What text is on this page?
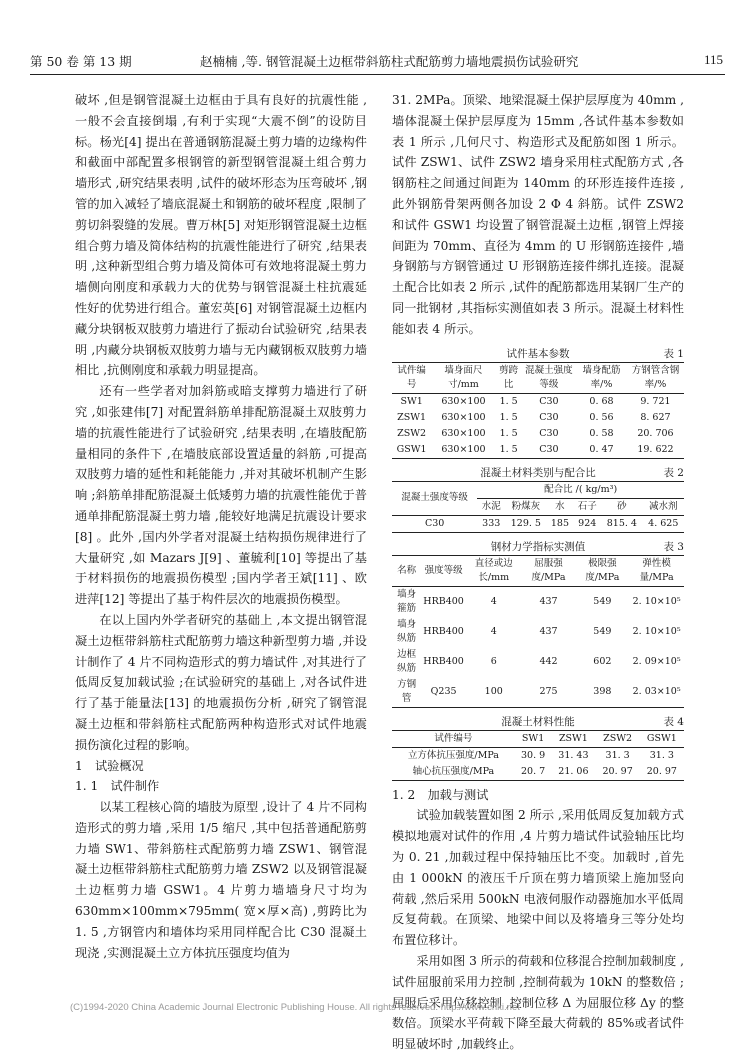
第 50 卷 第 13 期	赵楠楠 ,等. 钢管混凝土边框带斜筋柱式配筋剪力墙地震损伤试验研究	115

破坏 ,但是钢管混凝土边框由于具有良好的抗震性能 ,一般不会直接倒塌 ,有利于实现“大震不倒”的设防目标。杨光[4] 提出在普通钢筋混凝土剪力墙的边缘构件和截面中部配置多根钢管的新型钢管混凝土组合剪力墙形式 ,研究结果表明 ,试件的破坏形态为压弯破坏 ,钢管的加入减轻了墙底混凝土和钢筋的破坏程度 ,限制了剪切斜裂缝的发展。曹万林[5] 对矩形钢管混凝土边框组合剪力墙及简体结构的抗震性能进行了研究 ,结果表明 ,这种新型组合剪力墙及简体可有效地将混凝土剪力墙侧向刚度和承载力大的优势与钢管混凝土柱抗震延性好的优势进行组合。董宏英[6] 对钢管混凝土边框内藏分块钢板双肢剪力墙进行了振动台试验研究 ,结果表明 ,内藏分块钢板双肢剪力墙与无内藏钢板双肢剪力墙相比 ,抗侧刚度和承载力明显提高。

还有一些学者对加斜筋或暗支撑剪力墙进行了研究 ,如张建伟[7] 对配置斜筋单排配筋混凝土双肢剪力墙的抗震性能进行了试验研究 ,结果表明 ,在墙肢配筋量相同的条件下 ,在墙肢底部设置适量的斜筋 ,可提高双肢剪力墙的延性和耗能能力 ,并对其破坏机制产生影响 ;斜筋单排配筋混凝土低矮剪力墙的抗震性能优于普通单排配筋混凝土剪力墙 ,能较好地满足抗震设计要求[8] 。此外 ,国内外学者对混凝土结构损伤规律进行了大量研究 ,如 Mazars J[9] 、董毓利[10] 等提出了基于材料损伤的地震损伤模型 ;国内学者王斌[11] 、欧进萍[12] 等提出了基于构件层次的地震损伤模型。

在以上国内外学者研究的基础上 ,本文提出钢管混凝土边框带斜筋柱式配筋剪力墙这种新型剪力墙 ,并设计制作了 4 片不同构造形式的剪力墙试件 ,对其进行了低周反复加载试验 ;在试验研究的基础上 ,对各试件进行了基于能量法[13] 的地震损伤分析 ,研究了钢管混凝土边框和带斜筋柱式配筋两种构造形式对试件地震损伤演化过程的影响。

1　试验概况

1. 1　试件制作

以某工程核心筒的墙肢为原型 ,设计了 4 片不同构造形式的剪力墙 ,采用 1/5 缩尺 ,其中包括普通配筋剪力墙 SW1、带斜筋柱式配筋剪力墙 ZSW1、钢管混凝土边框带斜筋柱式配筋剪力墙 ZSW2 以及钢管混凝土边框剪力墙 GSW1。4 片剪力墙墙身尺寸均为 630mm×100mm×795mm( 宽×厚×高) ,剪跨比为 1. 5 ,方钢管内和墙体均采用同样配合比 C30 混凝土现浇 ,实测混凝土立方体抗压强度均值为

31. 2MPa。顶梁、地梁混凝土保护层厚度为 40mm ,墙体混凝土保护层厚度为 15mm ,各试件基本参数如表 1 所示 ,几何尺寸、构造形式及配筋如图 1 所示。试件 ZSW1、试件 ZSW2 墙身采用柱式配筋方式 ,各钢筋柱之间通过间距为 140mm 的环形连接件连接 ,此外钢筋骨架两侧各加设 2 Φ 4 斜筋。试件 ZSW2 和试件 GSW1 均设置了钢管混凝土边框 ,钢管上焊接间距为 70mm、直径为 4mm 的 U 形钢筋连接件 ,墙身钢筋与方钢管通过 U 形钢筋连接件绑扎连接。混凝土配合比如表 2 所示 ,试件的配筋都选用某钢厂生产的同一批钢材 ,其指标实测值如表 3 所示。混凝土材料性能如表 4 所示。

试件基本参数	表 1
试件编号	墙身面尺寸/mm	剪跨比	混凝土强度等级	墙身配筋率/%	方钢管含钢率/%
SW1	630×100	1. 5	C30	0. 68	9. 721
ZSW1	630×100	1. 5	C30	0. 56	8. 627
ZSW2	630×100	1. 5	C30	0. 58	20. 706
GSW1	630×100	1. 5	C30	0. 47	19. 622
混凝土材料类别与配合比	表 2
混凝土强度等级	配合比 /( kg/m³)					
	水泥	粉煤灰	水	石子	砂	减水剂
C30	333	129. 5	185	924	815. 4	4. 625
钢材力学指标实测值	表 3
名称	强度等级	直径或边长/mm	屈服强度/MPa	极限强度/MPa	弹性模量/MPa
墙身箍筋	HRB400	4	437	549	2. 10×10⁵
墙身纵筋	HRB400	4	437	549	2. 10×10⁵
边框纵筋	HRB400	6	442	602	2. 09×10⁵
方钢管	Q235	100	275	398	2. 03×10⁵
混凝土材料性能	表 4
试件编号	SW1	ZSW1	ZSW2	GSW1
立方体抗压强度/MPa	30. 9	31. 43	31. 3	31. 3
轴心抗压强度/MPa	20. 7	21. 06	20. 97	20. 97

1. 2　加载与测试

试验加载装置如图 2 所示 ,采用低周反复加载方式模拟地震对试件的作用 ,4 片剪力墙试件试验轴压比均为 0. 21 ,加载过程中保持轴压比不变。加载时 ,首先由 1 000kN 的液压千斤顶在剪力墙顶梁上施加竖向荷载 ,然后采用 500kN 电液伺服作动器施加水平低周反复荷载。在顶梁、地梁中间以及将墙身三等分处均布置位移计。

采用如图 3 所示的荷载和位移混合控制加载制度 ,试件屈服前采用力控制 ,控制荷载为 10kN 的整数倍 ;屈服后采用位移控制 ,控制位移 Δ 为屈服位移 Δy 的整数倍。顶梁水平荷载下降至最大荷载的 85%或者试件明显破坏时 ,加载终止。

(C)1994-2020 China Academic Journal Electronic Publishing House. All rights reserved. http://www.cnki.net
